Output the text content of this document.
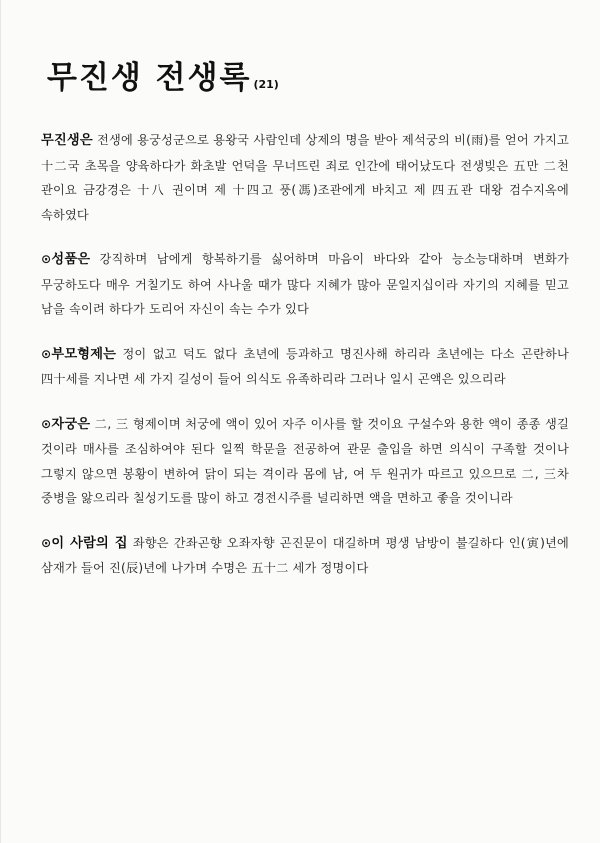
무진생 전생록 (21)

무진생은 전생에 용궁성군으로 용왕국 사람인데 상제의 명을 받아 제석궁의 비(雨)를 얻어 가지고 十二국 초목을 양육하다가 화초발 언덕을 무너뜨린 죄로 인간에 태어났도다 전생빚은 五만 二천 관이요 금강경은 十八 권이며 제 十四고 풍(馮)조관에게 바치고 제 四五관 대왕 검수지옥에 속하였다

⊙성품은 강직하며 남에게 항복하기를 싫어하며 마음이 바다와 같아 능소능대하며 변화가 무궁하도다 매우 거칠기도 하여 사나울 때가 많다 지혜가 많아 문일지십이라 자기의 지혜를 믿고 남을 속이려 하다가 도리어 자신이 속는 수가 있다

⊙부모형제는 정이 없고 덕도 없다 초년에 등과하고 명진사해 하리라 초년에는 다소 곤란하나 四十세를 지나면 세 가지 길성이 들어 의식도 유족하리라 그러나 일시 곤액은 있으리라

⊙자궁은 二, 三 형제이며 처궁에 액이 있어 자주 이사를 할 것이요 구설수와 용한 액이 종종 생길 것이라 매사를 조심하여야 된다 일찍 학문을 전공하여 관문 출입을 하면 의식이 구족할 것이나 그렇지 않으면 봉황이 변하여 닭이 되는 격이라 몸에 남, 여 두 원귀가 따르고 있으므로 二, 三차 중병을 앓으리라 칠성기도를 많이 하고 경전시주를 널리하면 액을 면하고 좋을 것이니라

⊙이 사람의 집 좌향은 간좌곤향 오좌자향 곤진문이 대길하며 평생 남방이 불길하다 인(寅)년에 삼재가 들어 진(辰)년에 나가며 수명은 五十二 세가 정명이다
